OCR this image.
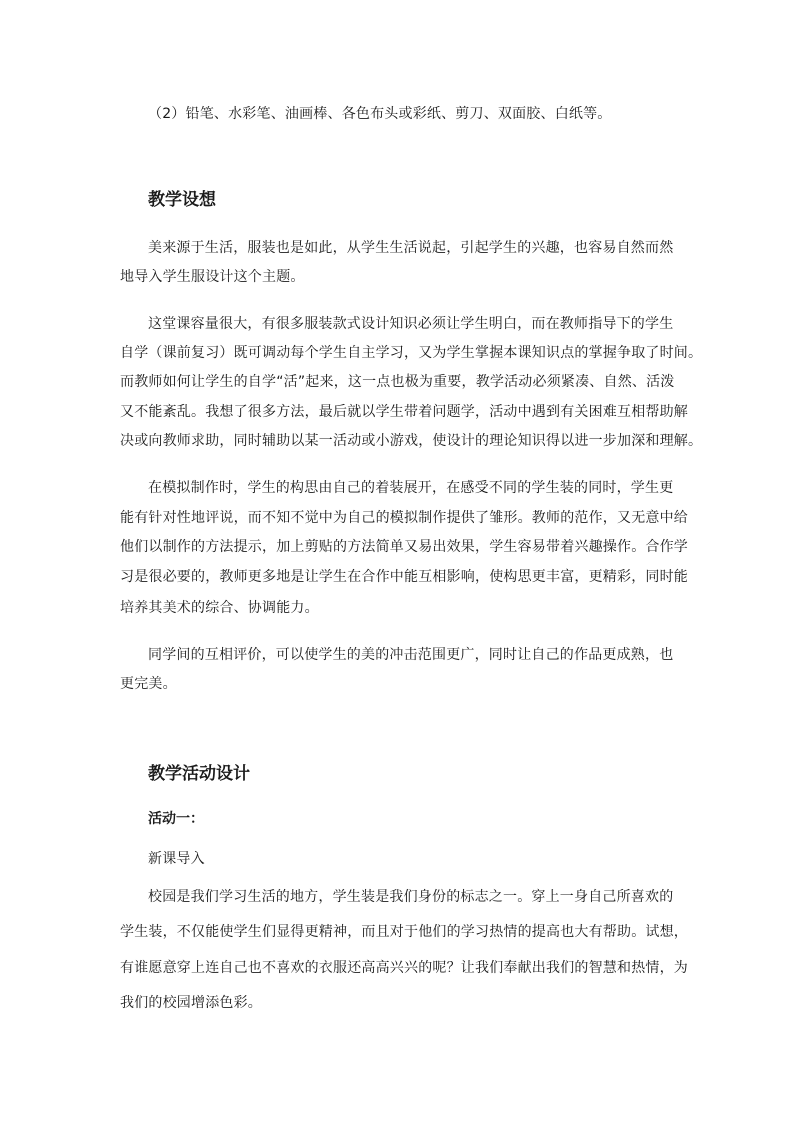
（2）铅笔、水彩笔、油画棒、各色布头或彩纸、剪刀、双面胶、白纸等。
教学设想
美来源于生活，服装也是如此，从学生生活说起，引起学生的兴趣，也容易自然而然
地导入学生服设计这个主题。
这堂课容量很大，有很多服装款式设计知识必须让学生明白，而在教师指导下的学生
自学（课前复习）既可调动每个学生自主学习，又为学生掌握本课知识点的掌握争取了时间。
而教师如何让学生的自学“活”起来，这一点也极为重要，教学活动必须紧凑、自然、活泼
又不能紊乱。我想了很多方法，最后就以学生带着问题学，活动中遇到有关困难互相帮助解
决或向教师求助，同时辅助以某一活动或小游戏，使设计的理论知识得以进一步加深和理解。
在模拟制作时，学生的构思由自己的着装展开，在感受不同的学生装的同时，学生更
能有针对性地评说，而不知不觉中为自己的模拟制作提供了雏形。教师的范作，又无意中给
他们以制作的方法提示，加上剪贴的方法简单又易出效果，学生容易带着兴趣操作。合作学
习是很必要的，教师更多地是让学生在合作中能互相影响，使构思更丰富，更精彩，同时能
培养其美术的综合、协调能力。
同学间的互相评价，可以使学生的美的冲击范围更广，同时让自己的作品更成熟，也
更完美。
教学活动设计
活动一：
新课导入
校园是我们学习生活的地方，学生装是我们身份的标志之一。穿上一身自己所喜欢的
学生装，不仅能使学生们显得更精神，而且对于他们的学习热情的提高也大有帮助。试想，
有谁愿意穿上连自己也不喜欢的衣服还高高兴兴的呢？让我们奉献出我们的智慧和热情，为
我们的校园增添色彩。
